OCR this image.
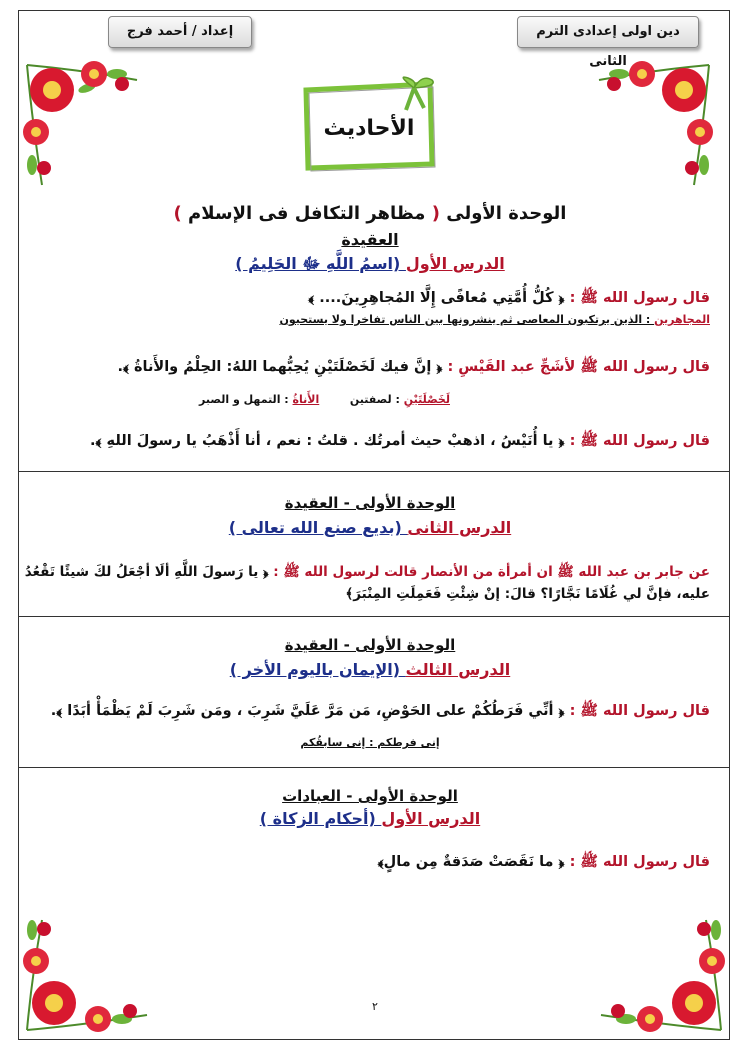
إعداد / أحمد فرج	دين اولى إعدادى الترم الثانى
الأحاديث
الوحدة الأولى ( مظاهر التكافل فى الإسلام )
العقيدة
الدرس الأول (اسمُ اللَّهِ ﷻ الحَلِيمُ )
قال رسول الله ﷺ : ﴿ كُلُّ أُمَّتِي مُعافًى إِلَّا المُجاهِرِينَ.... ﴾
المجاهرين : الذين يرتكبون المعاصى ثم ينشرونها بين الناس تفاخرا ولا يستحيون
قال رسول الله ﷺ لأشَجِّ عبد القَيْسِ : ﴿ إنَّ فيك لَخَصْلَتَيْنِ يُحِبُّهما اللهُ: الحِلْمُ والأَناةُ ﴾.
لَخَصْلَتَيْنِ : لصفتين        الأَناةُ : التمهل و الصبر
قال رسول الله ﷺ : ﴿ يا أُنَيْسُ ، اذهبْ حيث أمرتُك . قلتُ : نعم ، أنا أَذْهَبُ يا رسولَ اللهِ ﴾.
الوحدة الأولى - العقيدة
الدرس الثانى (بديع صنع الله تعالى )
عن جابر بن عبد الله ﷺ ان أمرأة من الأنصار قالت لرسول الله ﷺ : ﴿ يا رَسولَ اللَّهِ ألَا أجْعَلُ لكَ شيئًا تَقْعُدُ
عليه، فإنَّ لي غُلَامًا نَجَّارًا؟ قالَ: إنْ شِئْتِ فَعَمِلَتِ المِنْبَرَ﴾
الوحدة الأولى - العقيدة
الدرس الثالث (الإيمان باليوم الأخر )
قال رسول الله ﷺ : ﴿ أنِّي فَرَطُكُمْ على الحَوْضِ، مَن مَرَّ عَلَيَّ شَرِبَ ، ومَن شَرِبَ لَمْ يَظْمَأْ أبَدًا ﴾.
إنى فرطكم : إنى سابقُكم
الوحدة الأولى - العبادات
الدرس الأول (أحكام الزكاة )
قال رسول الله ﷺ : ﴿ ما نَقَصَتْ صَدَقةٌ مِن مالٍ﴾
٢
